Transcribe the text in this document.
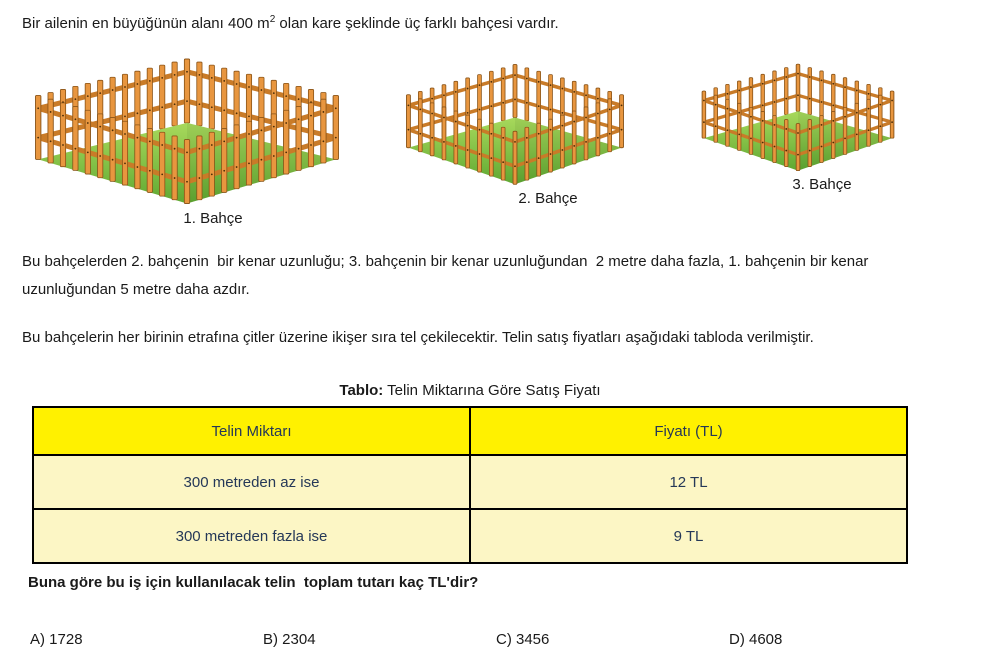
Bir ailenin en büyüğünün alanı 400 $m^2$ olan kare şeklinde üç farklı bahçesi vardır.
1. Bahçe
2. Bahçe
3. Bahçe
Bu bahçelerden 2. bahçenin  bir kenar uzunluğu; 3. bahçenin bir kenar uzunluğundan  2 metre daha fazla, 1. bahçenin bir kenar uzunluğundan 5 metre daha azdır.
Bu bahçelerin her birinin etrafına çitler üzerine ikişer sıra tel çekilecektir. Telin satış fiyatları aşağıdaki tabloda verilmiştir.
Tablo: Telin Miktarına Göre Satış Fiyatı
Telin Miktarı	Fiyatı (TL)
300 metreden az ise	12 TL
300 metreden fazla ise	9 TL
Buna göre bu iş için kullanılacak telin  toplam tutarı kaç TL'dir?
A) 1728	B) 2304	C) 3456	D) 4608
